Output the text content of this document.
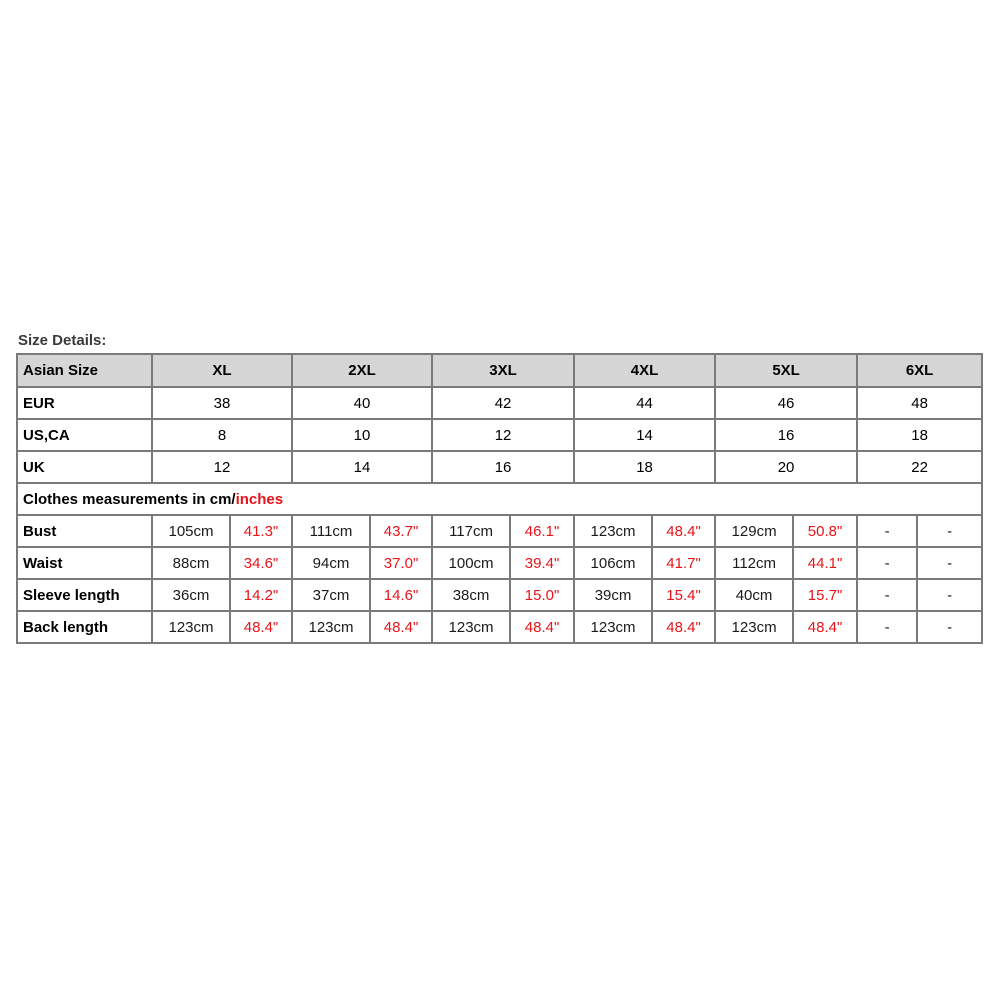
Size Details:
Asian Size	XL		2XL		3XL		4XL		5XL		6XL	
EUR	38		40		42		44		46		48	
US,CA	8		10		12		14		16		18	
UK	12		14		16		18		20		22	
Clothes measurements in cm/inches												
Bust	105cm	41.3"	111cm	43.7"	117cm	46.1"	123cm	48.4"	129cm	50.8"	-	-
Waist	88cm	34.6"	94cm	37.0"	100cm	39.4"	106cm	41.7"	112cm	44.1"	-	-
Sleeve length	36cm	14.2"	37cm	14.6"	38cm	15.0"	39cm	15.4"	40cm	15.7"	-	-
Back length	123cm	48.4"	123cm	48.4"	123cm	48.4"	123cm	48.4"	123cm	48.4"	-	-
